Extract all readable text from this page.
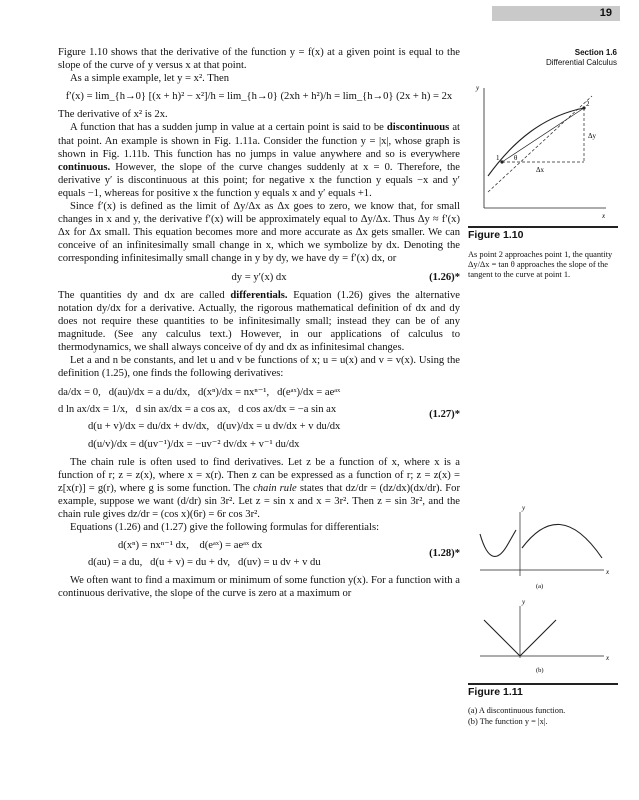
19
Section 1.6
Differential Calculus

Figure 1.10 shows that the derivative of the function y = f(x) at a given point is equal to the slope of the curve of y versus x at that point.

As a simple example, let y = x². Then

f′(x) = lim_{h→0} [(x + h)² − x²]/h = lim_{h→0} (2xh + h²)/h = lim_{h→0} (2x + h) = 2x

The derivative of x² is 2x.

A function that has a sudden jump in value at a certain point is said to be discontinuous at that point. An example is shown in Fig. 1.11a. Consider the function y = |x|, whose graph is shown in Fig. 1.11b. This function has no jumps in value anywhere and so is everywhere continuous. However, the slope of the curve changes suddenly at x = 0. Therefore, the derivative y′ is discontinuous at this point; for negative x the function y equals −x and y′ equals −1, whereas for positive x the function y equals x and y′ equals +1.

Since f′(x) is defined as the limit of Δy/Δx as Δx goes to zero, we know that, for small changes in x and y, the derivative f′(x) will be approximately equal to Δy/Δx. Thus Δy ≈ f′(x) Δx for Δx small. This equation becomes more and more accurate as Δx gets smaller. We can conceive of an infinitesimally small change in x, which we symbolize by dx. Denoting the corresponding infinitesimally small change in y by dy, we have dy = f′(x) dx, or

dy = y′(x) dx	(1.26)*

The quantities dy and dx are called differentials. Equation (1.26) gives the alternative notation dy/dx for a derivative. Actually, the rigorous mathematical definition of dx and dy does not require these quantities to be infinitesimally small; instead they can be of any magnitude. (See any calculus text.) However, in our applications of calculus to thermodynamics, we shall always conceive of dy and dx as infinitesimal changes.

Let a and n be constants, and let u and v be functions of x; u = u(x) and v = v(x). Using the definition (1.25), one finds the following derivatives:

da/dx = 0, d(au)/dx = a du/dx, d(xⁿ)/dx = nxⁿ⁻¹, d(eᵃˣ)/dx = aeᵃˣ
d ln ax/dx = 1/x, d sin ax/dx = a cos ax, d cos ax/dx = −a sin ax
d(u + v)/dx = du/dx + dv/dx, d(uv)/dx = u dv/dx + v du/dx
d(u/v)/dx = d(uv⁻¹)/dx = −uv⁻² dv/dx + v⁻¹ du/dx
(1.27)*

The chain rule is often used to find derivatives. Let z be a function of x, where x is a function of r; z = z(x), where x = x(r). Then z can be expressed as a function of r; z = z(x) = z[x(r)] = g(r), where g is some function. The chain rule states that dz/dr = (dz/dx)(dx/dr). For example, suppose we want (d/dr) sin 3r². Let z = sin x and x = 3r². Then z = sin 3r², and the chain rule gives dz/dr = (cos x)(6r) = 6r cos 3r².

Equations (1.26) and (1.27) give the following formulas for differentials:

d(xⁿ) = nxⁿ⁻¹ dx, d(eᵃˣ) = aeᵃˣ dx
d(au) = a du, d(u + v) = du + dv, d(uv) = u dv + v du
(1.28)*

We often want to find a maximum or minimum of some function y(x). For a function with a continuous derivative, the slope of the curve is zero at a maximum or

y
x
1
2
Δy
Δx
θ
Figure 1.10
As point 2 approaches point 1, the quantity Δy/Δx = tan θ approaches the slope of the tangent to the curve at point 1.
y
x
(a)
y
x
(b)
Figure 1.11
(a) A discontinuous function.
(b) The function y = |x|.
